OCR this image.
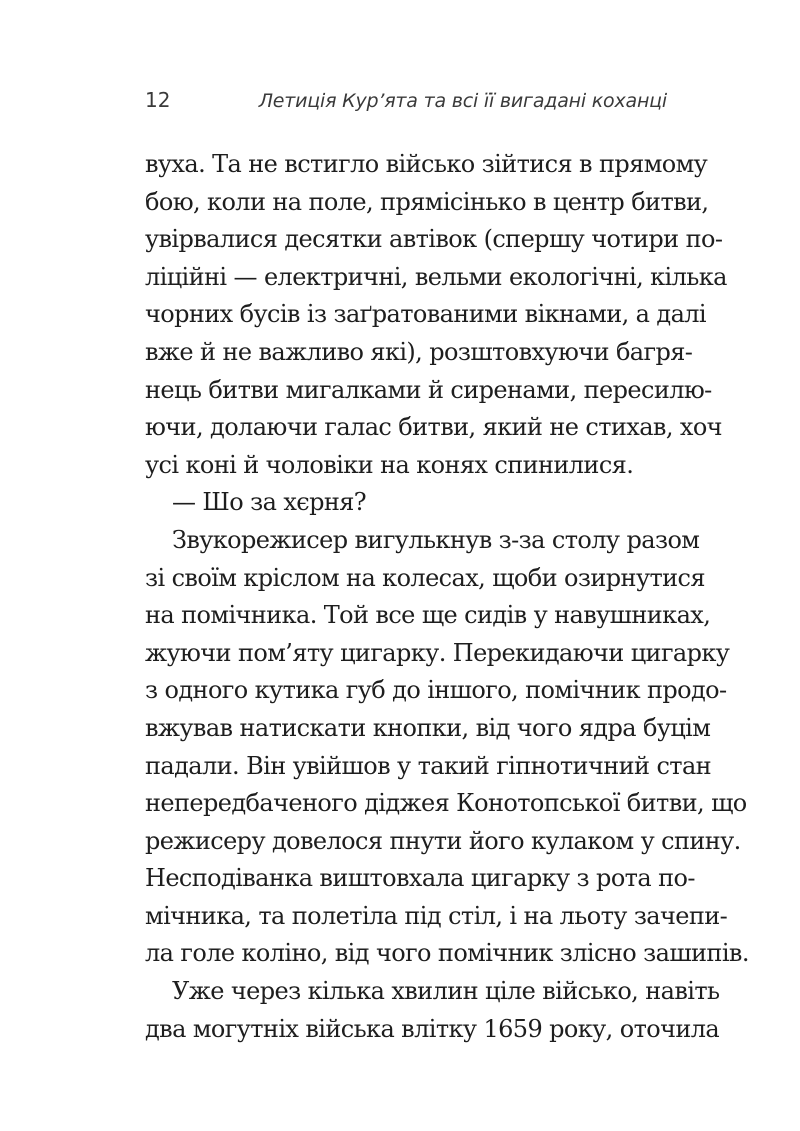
12	Летиція Кур’ята та всі її вигадані коханці
вуха. Та не встигло військо зійтися в прямому
бою, коли на поле, прямісінько в центр битви,
увірвалися десятки автівок (спершу чотири по-
ліційні — електричні, вельми екологічні, кілька
чорних бусів із заґратованими вікнами, а далі
вже й не важливо які), розштовхуючи багря-
нець битви мигалками й сиренами, пересилю-
ючи, долаючи галас битви, який не стихав, хоч
усі коні й чоловіки на конях спинилися.
— Шо за хєрня?
Звукорежисер вигулькнув з-за столу разом
зі своїм кріслом на колесах, щоби озирнутися
на помічника. Той все ще сидів у навушниках,
жуючи пом’яту цигарку. Перекидаючи цигарку
з одного кутика губ до іншого, помічник продо-
вжував натискати кнопки, від чого ядра буцім
падали. Він увійшов у такий гіпнотичний стан
непередбаченого діджея Конотопської битви, що
режисеру довелося пнути його кулаком у спину.
Несподіванка виштовхала цигарку з рота по-
мічника, та полетіла під стіл, і на льоту зачепи-
ла голе коліно, від чого помічник злісно зашипів.
Уже через кілька хвилин ціле військо, навіть
два могутніх війська влітку 1659 року, оточила
